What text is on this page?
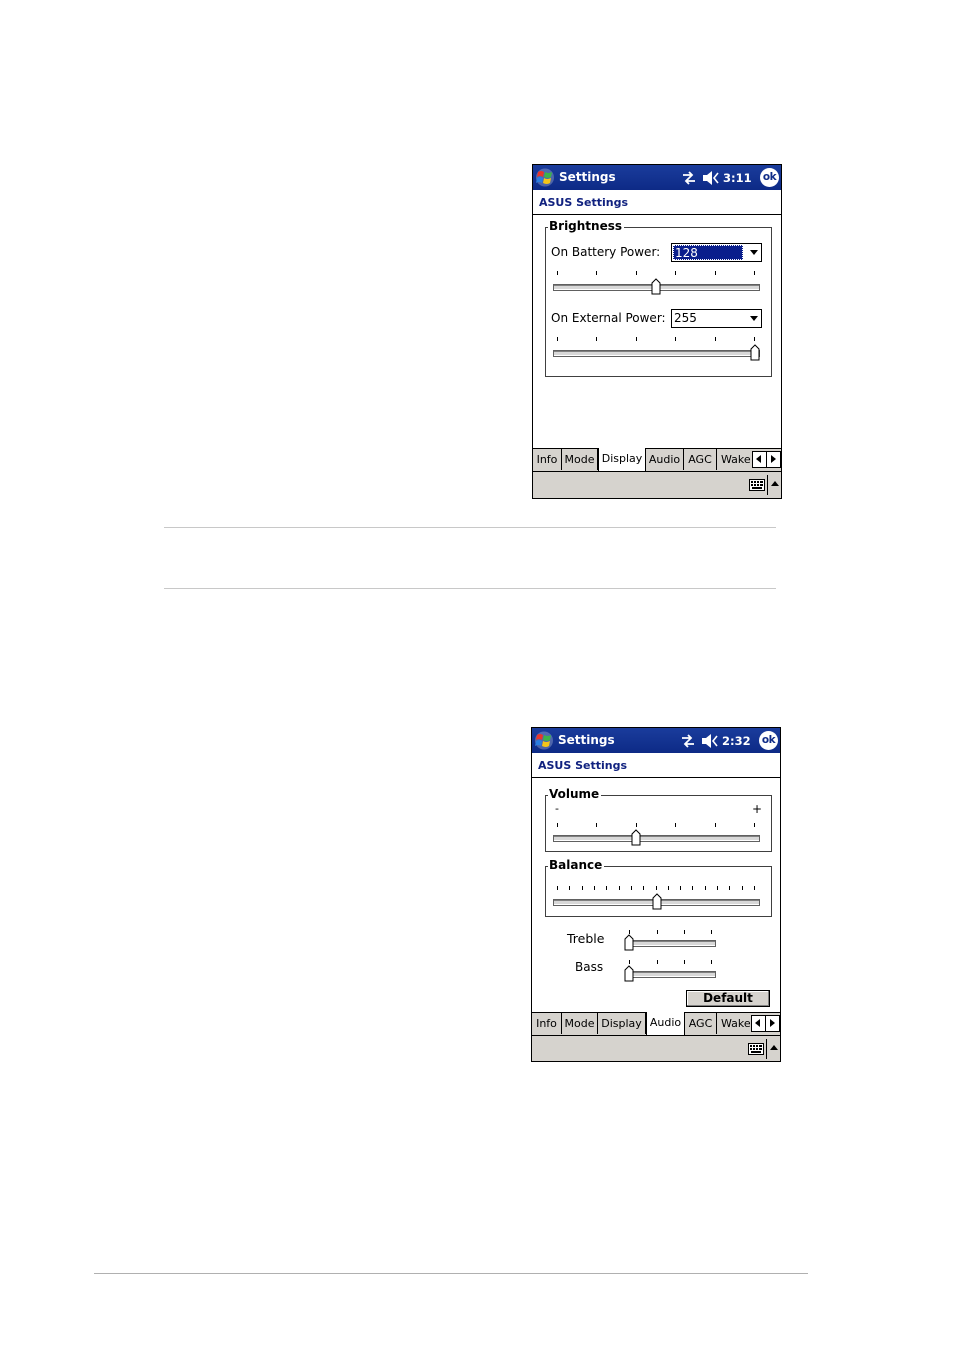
Settings	3:11 ok
ASUS Settings
Brightness
On Battery Power: 128
On External Power: 255
Info Mode Display Audio AGC Wake
Settings	2:32 ok
ASUS Settings
Volume
-	+
Balance
Treble
Bass
Default
Info Mode Display Audio AGC Wake
